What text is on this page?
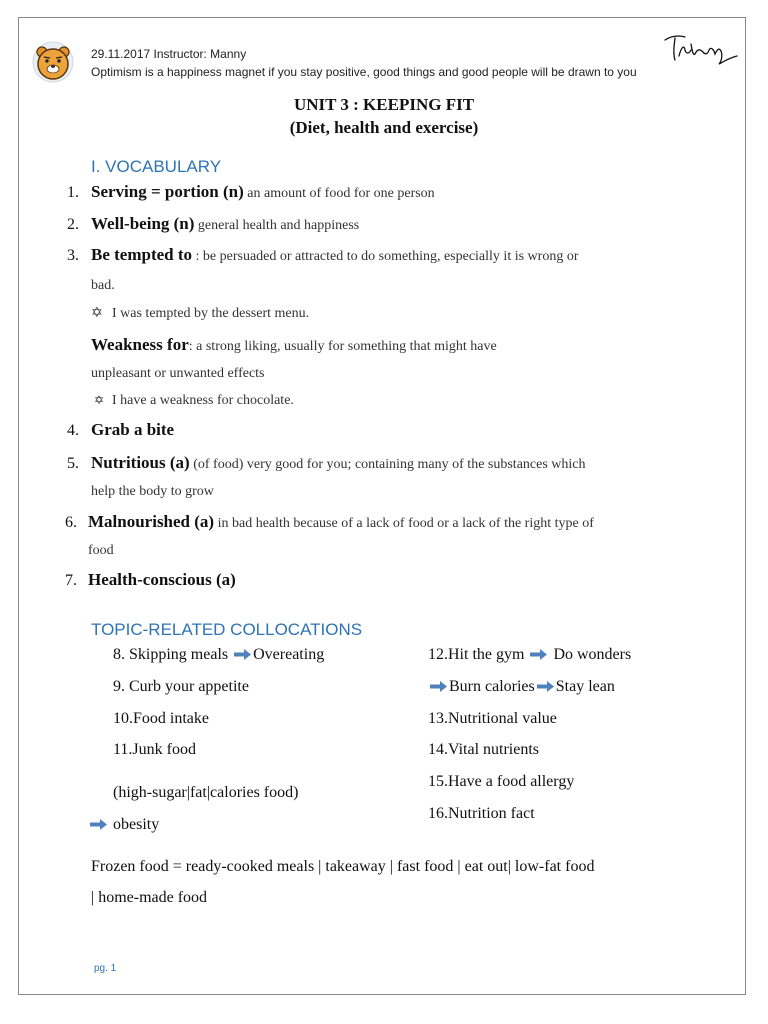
29.11.2017 Instructor: Manny
Optimism is a happiness magnet if you stay positive, good things and good people will be drawn to you
UNIT 3 : KEEPING FIT
(Diet, health and exercise)
I. VOCABULARY
1. Serving = portion (n) an amount of food for one person
2. Well-being (n) general health and happiness
3. Be tempted to : be persuaded or attracted to do something, especially it is wrong or
bad.
✡ I was tempted by the dessert menu.
Weakness for: a strong liking, usually for something that might have
unpleasant or unwanted effects
✡ I have a weakness for chocolate.
4. Grab a bite
5. Nutritious (a) (of food) very good for you; containing many of the substances which
help the body to grow
6. Malnourished (a) in bad health because of a lack of food or a lack of the right type of
food
7. Health-conscious (a)
TOPIC-RELATED COLLOCATIONS
8. Skipping meals Overeating
9. Curb your appetite
10.Food intake
11.Junk food
(high-sugar|fat|calories food)
obesity
12.Hit the gym  Do wonders
Burn calories Stay lean
13.Nutritional value
14.Vital nutrients
15.Have a food allergy
16.Nutrition fact
Frozen food = ready-cooked meals | takeaway | fast food | eat out| low-fat food
| home-made food
pg. 1
